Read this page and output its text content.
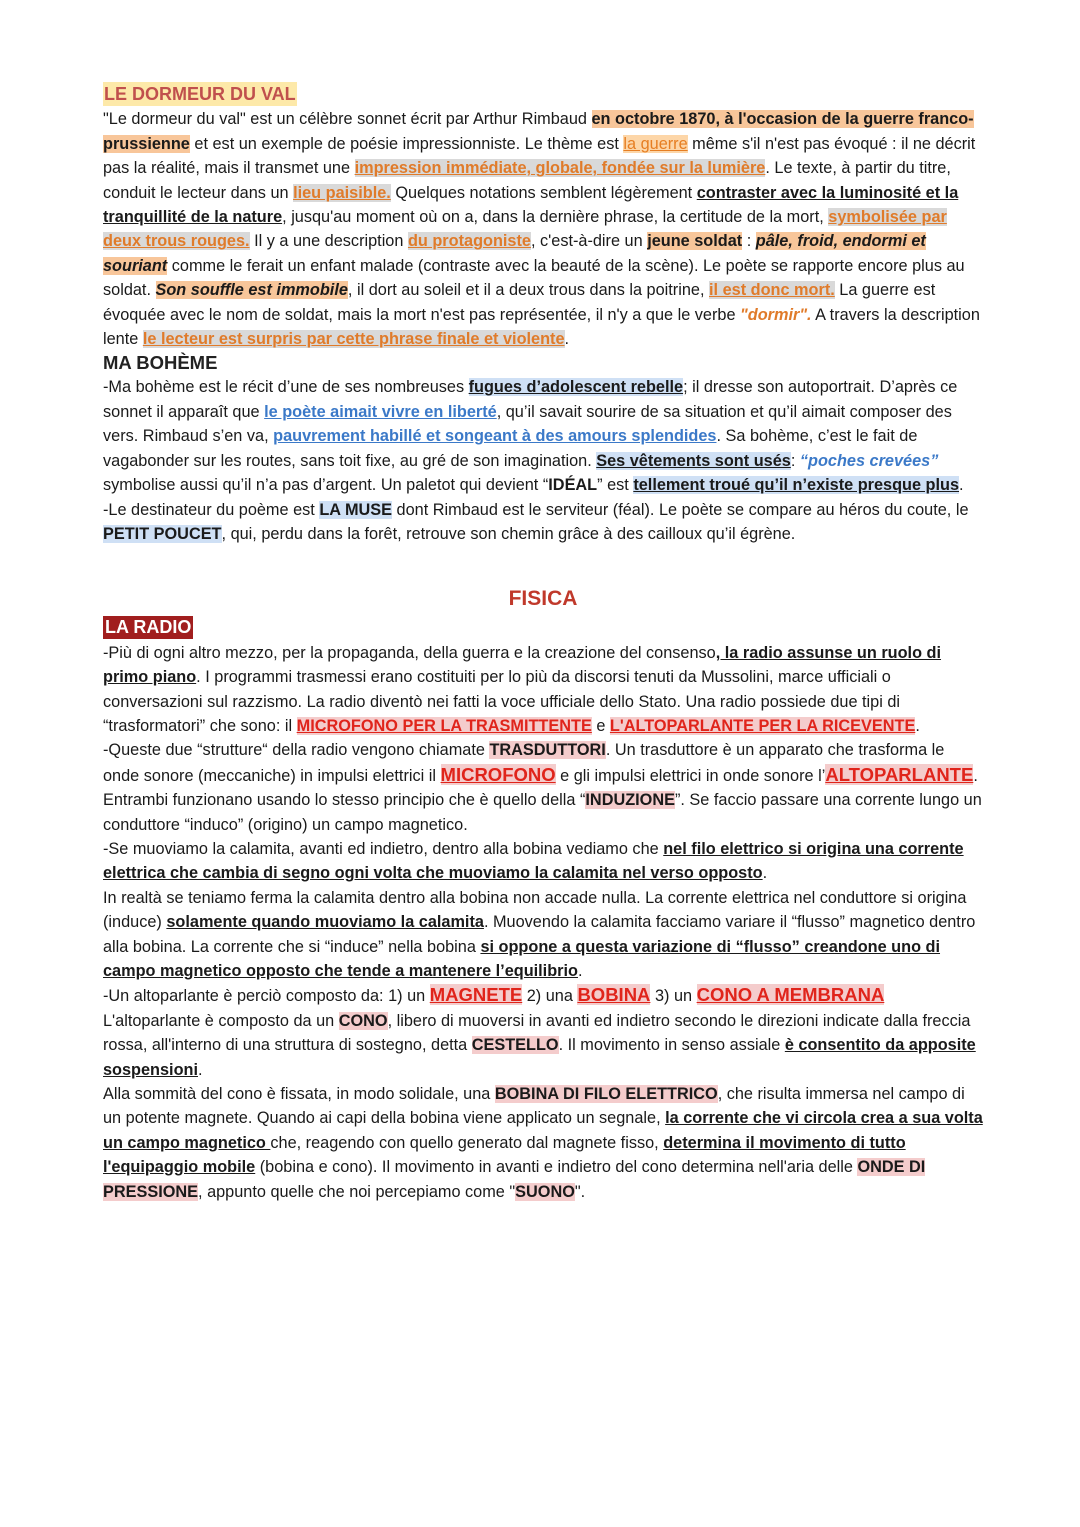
LE DORMEUR DU VAL

"Le dormeur du val" est un célèbre sonnet écrit par Arthur Rimbaud en octobre 1870, à l'occasion de la guerre franco-prussienne et est un exemple de poésie impressionniste. Le thème est la guerre même s'il n'est pas évoqué : il ne décrit pas la réalité, mais il transmet une impression immédiate, globale, fondée sur la lumière. Le texte, à partir du titre, conduit le lecteur dans un lieu paisible. Quelques notations semblent légèrement contraster avec la luminosité et la tranquillité de la nature, jusqu'au moment où on a, dans la dernière phrase, la certitude de la mort, symbolisée par deux trous rouges. Il y a une description du protagoniste, c'est-à-dire un jeune soldat : pâle, froid, endormi et souriant comme le ferait un enfant malade (contraste avec la beauté de la scène). Le poète se rapporte encore plus au soldat. Son souffle est immobile, il dort au soleil et il a deux trous dans la poitrine, il est donc mort. La guerre est évoquée avec le nom de soldat, mais la mort n'est pas représentée, il n'y a que le verbe "dormir". A travers la description lente le lecteur est surpris par cette phrase finale et violente.

MA BOHÈME

-Ma bohème est le récit d’une de ses nombreuses fugues d’adolescent rebelle; il dresse son autoportrait. D’après ce sonnet il apparaît que le poète aimait vivre en liberté, qu’il savait sourire de sa situation et qu’il aimait composer des vers. Rimbaud s’en va, pauvrement habillé et songeant à des amours splendides. Sa bohème, c’est le fait de vagabonder sur les routes, sans toit fixe, au gré de son imagination. Ses vêtements sont usés: “poches crevées” symbolise aussi qu’il n’a pas d’argent. Un paletot qui devient “IDÉAL” est tellement troué qu’il n’existe presque plus.

-Le destinateur du poème est LA MUSE dont Rimbaud est le serviteur (féal). Le poète se compare au héros du coute, le PETIT POUCET, qui, perdu dans la forêt, retrouve son chemin grâce à des cailloux qu’il égrène.

FISICA
LA RADIO

-Più di ogni altro mezzo, per la propaganda, della guerra e la creazione del consenso, la radio assunse un ruolo di primo piano. I programmi trasmessi erano costituiti per lo più da discorsi tenuti da Mussolini, marce ufficiali o conversazioni sul razzismo. La radio diventò nei fatti la voce ufficiale dello Stato. Una radio possiede due tipi di “trasformatori” che sono: il MICROFONO PER LA TRASMITTENTE e L'ALTOPARLANTE PER LA RICEVENTE.

-Queste due “strutture“ della radio vengono chiamate TRASDUTTORI. Un trasduttore è un apparato che trasforma le onde sonore (meccaniche) in impulsi elettrici il MICROFONO e gli impulsi elettrici in onde sonore l’ALTOPARLANTE. Entrambi funzionano usando lo stesso principio che è quello della “INDUZIONE”. Se faccio passare una corrente lungo un conduttore “induco” (origino) un campo magnetico.

-Se muoviamo la calamita, avanti ed indietro, dentro alla bobina vediamo che nel filo elettrico si origina una corrente elettrica che cambia di segno ogni volta che muoviamo la calamita nel verso opposto.

In realtà se teniamo ferma la calamita dentro alla bobina non accade nulla. La corrente elettrica nel conduttore si origina (induce) solamente quando muoviamo la calamita. Muovendo la calamita facciamo variare il “flusso” magnetico dentro alla bobina. La corrente che si “induce” nella bobina si oppone a questa variazione di “flusso” creandone uno di campo magnetico opposto che tende a mantenere l’equilibrio.

-Un altoparlante è perciò composto da: 1) un MAGNETE 2) una BOBINA 3) un CONO A MEMBRANA

L'altoparlante è composto da un CONO, libero di muoversi in avanti ed indietro secondo le direzioni indicate dalla freccia rossa, all'interno di una struttura di sostegno, detta CESTELLO. Il movimento in senso assiale è consentito da apposite sospensioni.

Alla sommità del cono è fissata, in modo solidale, una BOBINA DI FILO ELETTRICO, che risulta immersa nel campo di un potente magnete. Quando ai capi della bobina viene applicato un segnale, la corrente che vi circola crea a sua volta un campo magnetico che, reagendo con quello generato dal magnete fisso, determina il movimento di tutto l'equipaggio mobile (bobina e cono). Il movimento in avanti e indietro del cono determina nell'aria delle ONDE DI PRESSIONE, appunto quelle che noi percepiamo come "SUONO".
